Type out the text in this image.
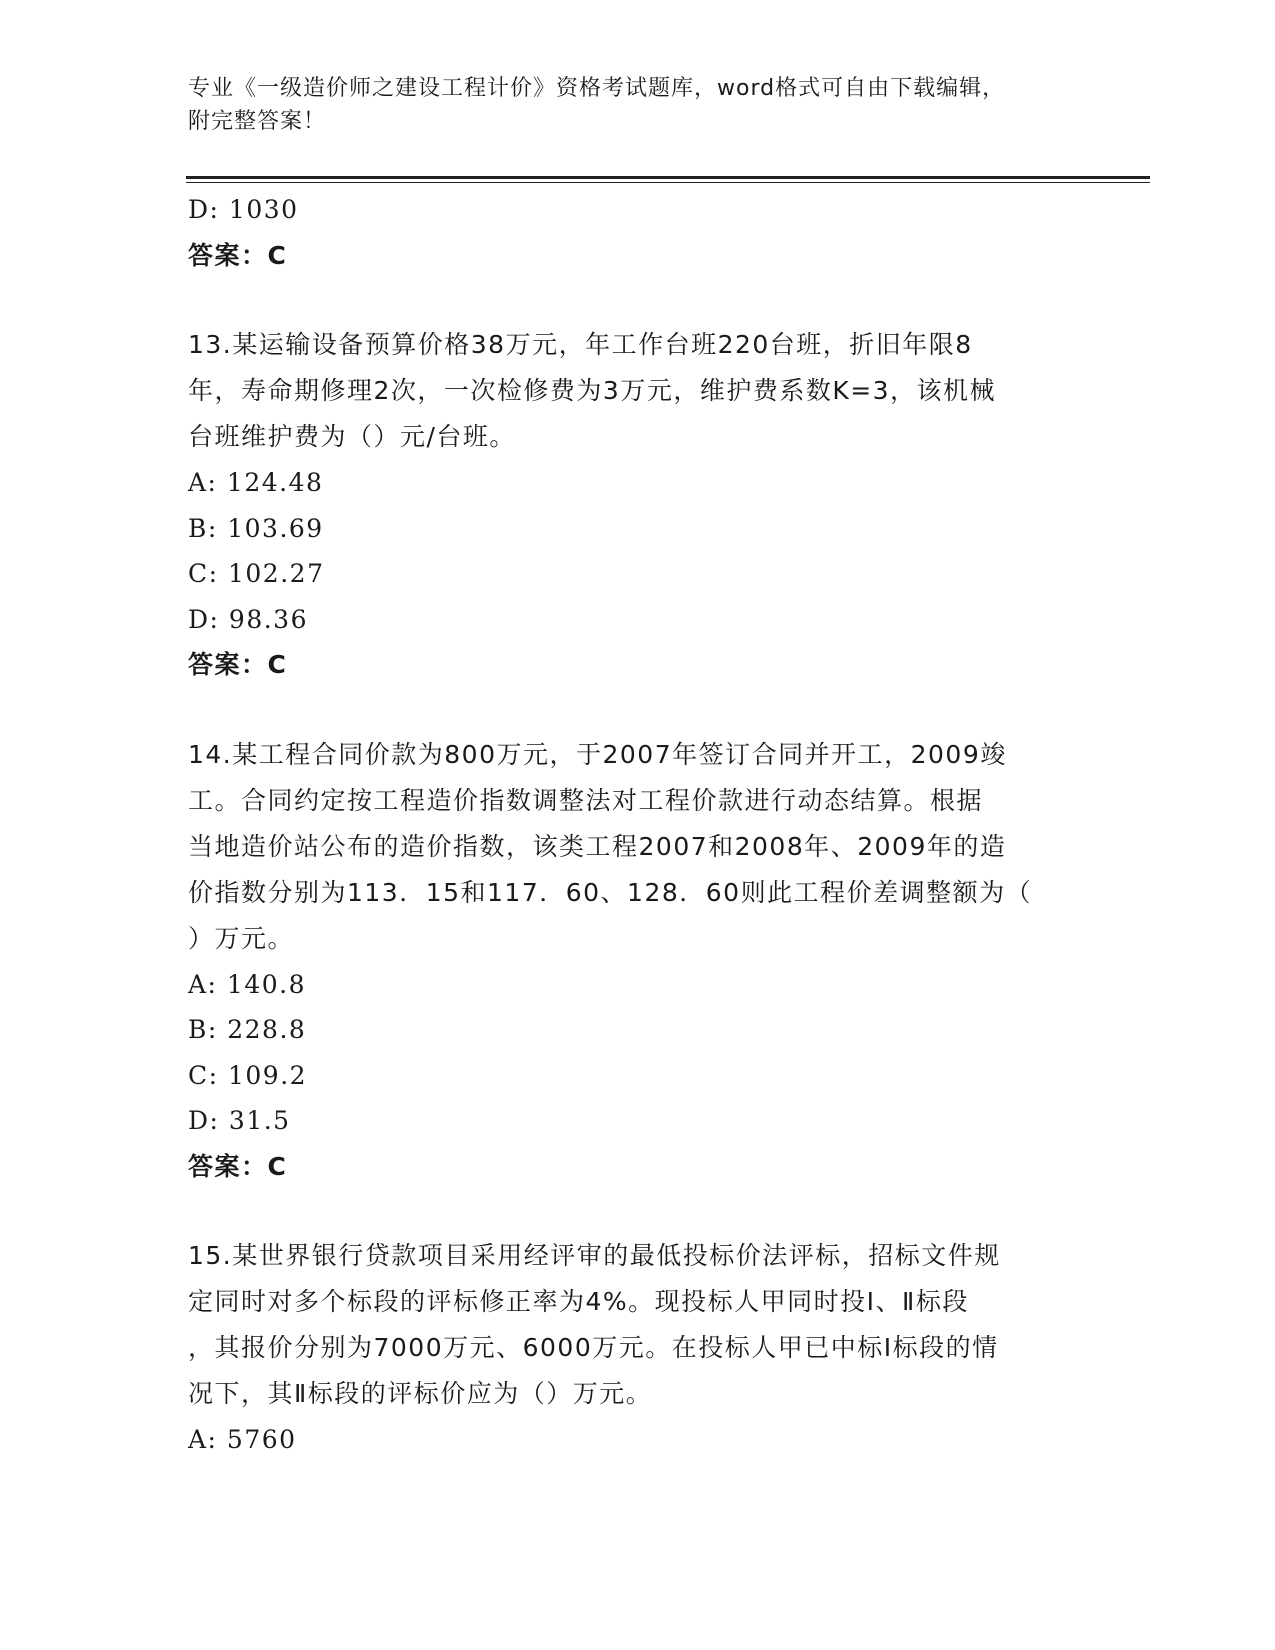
专业《一级造价师之建设工程计价》资格考试题库，word格式可自由下载编辑，
附完整答案！
D: 1030
答案：C
13.某运输设备预算价格38万元，年工作台班220台班，折旧年限8
年，寿命期修理2次，一次检修费为3万元，维护费系数K=3，该机械
台班维护费为（）元/台班。
A: 124.48
B: 103.69
C: 102.27
D: 98.36
答案：C
14.某工程合同价款为800万元，于2007年签订合同并开工，2009竣
工。合同约定按工程造价指数调整法对工程价款进行动态结算。根据
当地造价站公布的造价指数，该类工程2007和2008年、2009年的造
价指数分别为113．15和117．60、128．60则此工程价差调整额为（
）万元。
A: 140.8
B: 228.8
C: 109.2
D: 31.5
答案：C
15.某世界银行贷款项目采用经评审的最低投标价法评标，招标文件规
定同时对多个标段的评标修正率为4%。现投标人甲同时投Ⅰ、Ⅱ标段
，其报价分别为7000万元、6000万元。在投标人甲已中标Ⅰ标段的情
况下，其Ⅱ标段的评标价应为（）万元。
A: 5760
